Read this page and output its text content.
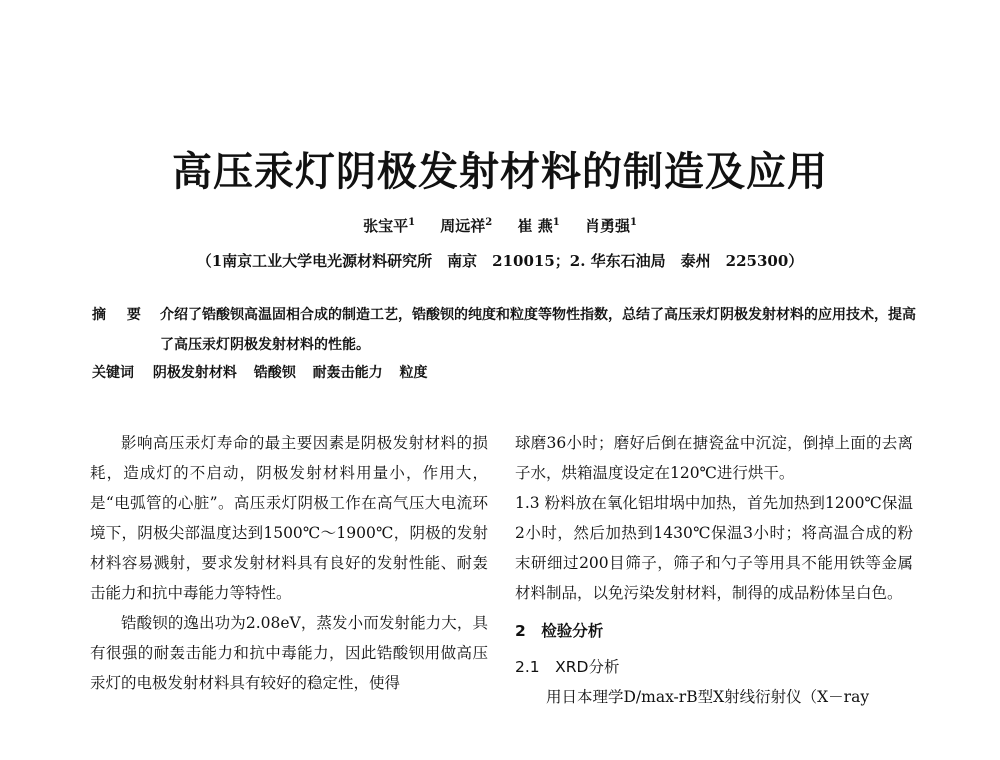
高压汞灯阴极发射材料的制造及应用
张宝平$^1$ 周远祥$^2$ 崔 燕$^1$ 肖勇强$^1$
（1南京工业大学电光源材料研究所　南京　210015；2. 华东石油局　泰州　225300）
摘 要 介绍了锆酸钡高温固相合成的制造工艺，锆酸钡的纯度和粒度等物性指数，总结了高压汞灯阴极发射材料的应用技术，提高了高压汞灯阴极发射材料的性能。
关键词 阴极发射材料 锆酸钡 耐轰击能力 粒度

影响高压汞灯寿命的最主要因素是阴极发射材料的损耗，造成灯的不启动，阴极发射材料用量小，作用大，是“电弧管的心脏”。高压汞灯阴极工作在高气压大电流环境下，阴极尖部温度达到1500℃～1900℃，阴极的发射材料容易溅射，要求发射材料具有良好的发射性能、耐轰击能力和抗中毒能力等特性。

锆酸钡的逸出功为2.08eV，蒸发小而发射能力大，具有很强的耐轰击能力和抗中毒能力，因此锆酸钡用做高压汞灯的电极发射材料具有较好的稳定性，使得

球磨36小时；磨好后倒在搪瓷盆中沉淀，倒掉上面的去离子水，烘箱温度设定在120℃进行烘干。

1.3 粉料放在氧化铝坩埚中加热，首先加热到1200℃保温2小时，然后加热到1430℃保温3小时；将高温合成的粉末研细过200目筛子，筛子和勺子等用具不能用铁等金属材料制品，以免污染发射材料，制得的成品粉体呈白色。

2　检验分析

2.1　XRD分析

用日本理学D/max-rB型X射线衍射仪（X－ray
